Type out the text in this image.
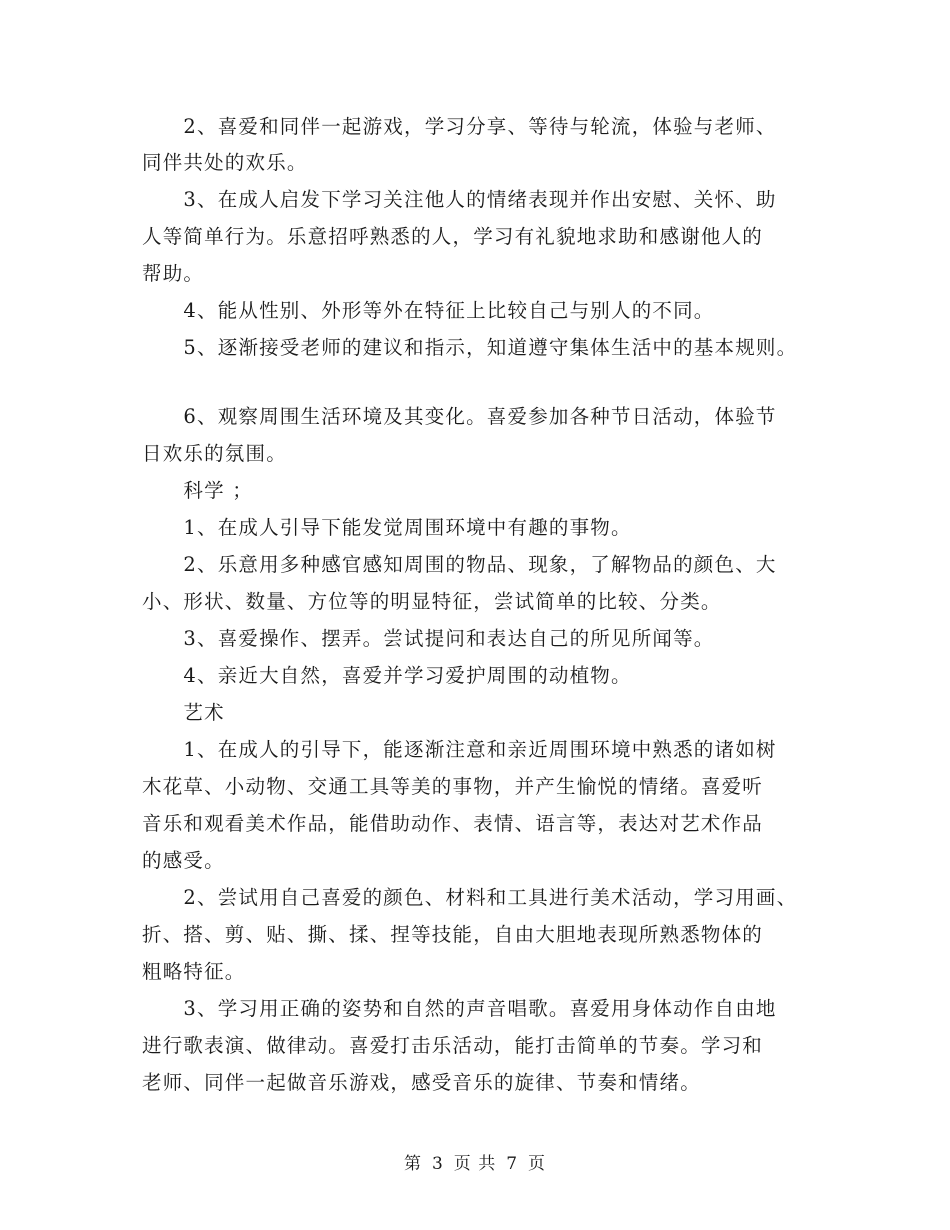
　　2、喜爱和同伴一起游戏，学习分享、等待与轮流，体验与老师、
同伴共处的欢乐。
　　3、在成人启发下学习关注他人的情绪表现并作出安慰、关怀、助
人等简单行为。乐意招呼熟悉的人，学习有礼貌地求助和感谢他人的
帮助。
　　4、能从性别、外形等外在特征上比较自己与别人的不同。
　　5、逐渐接受老师的建议和指示，知道遵守集体生活中的基本规则。
　　6、观察周围生活环境及其变化。喜爱参加各种节日活动，体验节
日欢乐的氛围。
　　科学 ；
　　1、在成人引导下能发觉周围环境中有趣的事物。
　　2、乐意用多种感官感知周围的物品、现象，了解物品的颜色、大
小、形状、数量、方位等的明显特征，尝试简单的比较、分类。
　　3、喜爱操作、摆弄。尝试提问和表达自己的所见所闻等。
　　4、亲近大自然，喜爱并学习爱护周围的动植物。
　　艺术
　　1、在成人的引导下，能逐渐注意和亲近周围环境中熟悉的诸如树
木花草、小动物、交通工具等美的事物，并产生愉悦的情绪。喜爱听
音乐和观看美术作品，能借助动作、表情、语言等，表达对艺术作品
的感受。
　　2、尝试用自己喜爱的颜色、材料和工具进行美术活动，学习用画、
折、搭、剪、贴、撕、揉、捏等技能，自由大胆地表现所熟悉物体的
粗略特征。
　　3、学习用正确的姿势和自然的声音唱歌。喜爱用身体动作自由地
进行歌表演、做律动。喜爱打击乐活动，能打击简单的节奏。学习和
老师、同伴一起做音乐游戏，感受音乐的旋律、节奏和情绪。
第 3 页 共 7 页
